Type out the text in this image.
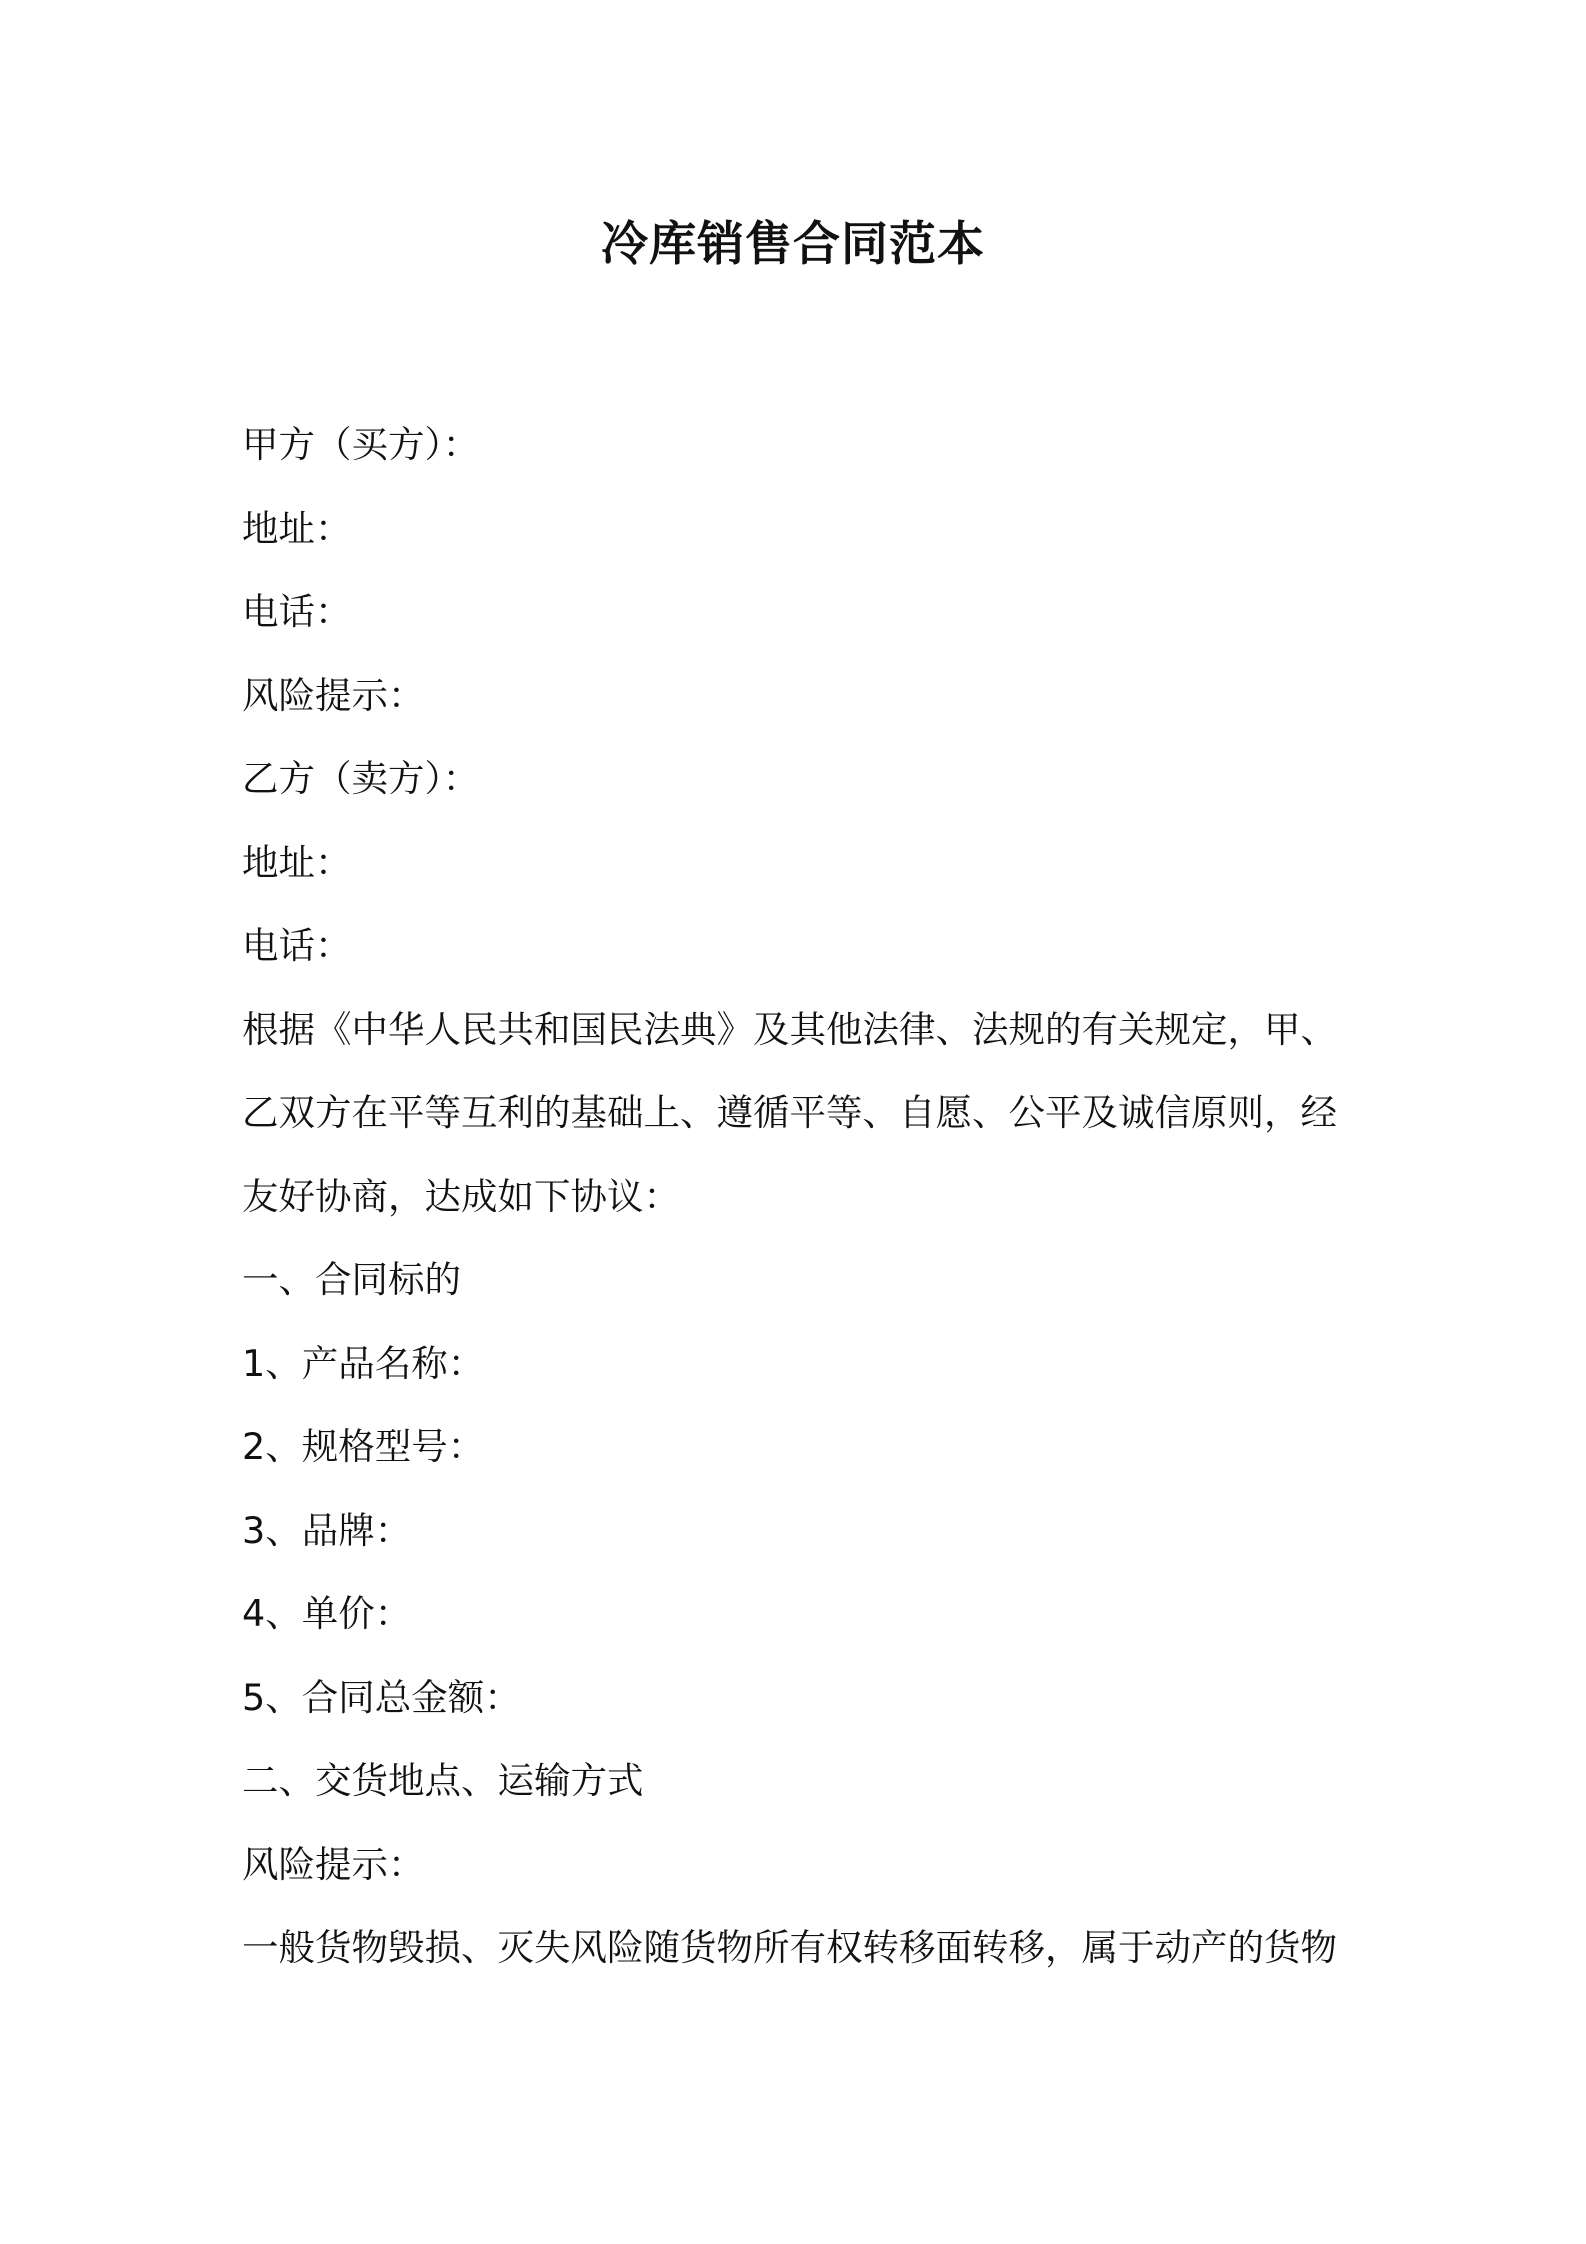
冷库销售合同范本

甲方（买方）：

地址：

电话：

风险提示：

乙方（卖方）：

地址：

电话：

根据《中华人民共和国民法典》及其他法律、法规的有关规定，甲、

乙双方在平等互利的基础上、遵循平等、自愿、公平及诚信原则，经

友好协商，达成如下协议：

一、合同标的

1、产品名称：

2、规格型号：

3、品牌：

4、单价：

5、合同总金额：

二、交货地点、运输方式

风险提示：

一般货物毁损、灭失风险随货物所有权转移面转移，属于动产的货物
